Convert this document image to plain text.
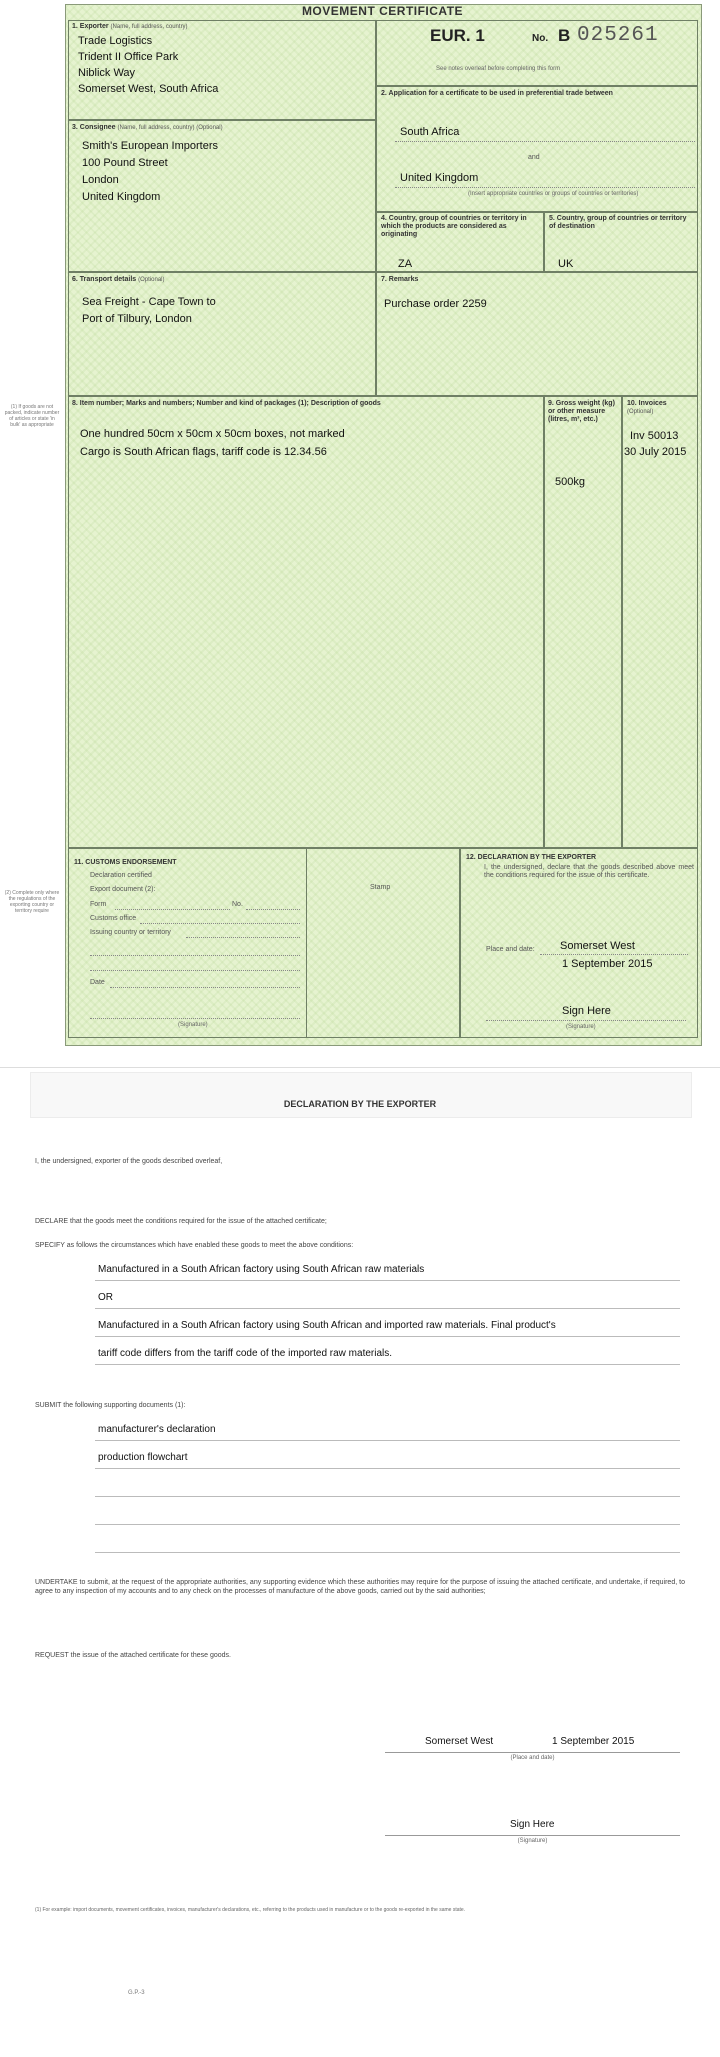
MOVEMENT CERTIFICATE
1. Exporter (Name, full address, country)
Trade Logistics
Trident II Office Park
Niblick Way
Somerset West, South Africa
EUR. 1	No. B 025261
See notes overleaf before completing this form
2. Application for a certificate to be used in preferential trade between
South Africa
and
United Kingdom
(Insert appropriate countries or groups of countries or territories)
3. Consignee (Name, full address, country) (Optional)
Smith's European Importers
100 Pound Street
London
United Kingdom
4. Country, group of countries or territory in which the products are considered as originating
ZA
5. Country, group of countries or territory of destination
UK
6. Transport details (Optional)
Sea Freight - Cape Town to
Port of Tilbury, London
7. Remarks
Purchase order 2259
8. Item number; Marks and numbers; Number and kind of packages (1); Description of goods
One hundred 50cm x 50cm x 50cm boxes, not marked
Cargo is South African flags, tariff code is 12.34.56
9. Gross weight (kg) or other measure (litres, m³, etc.)
500kg
10. Invoices
(Optional)
Inv 50013
30 July 2015
(1) If goods are not packed, indicate number of articles or state 'in bulk' as appropriate
(2) Complete only where the regulations of the exporting country or territory require
11. CUSTOMS ENDORSEMENT
Declaration certified
Export document (2):
Form	No.
Customs office
Issuing country or territory
Date
(Signature)
Stamp
12. DECLARATION BY THE EXPORTER
I, the undersigned, declare that the goods described above meet the conditions required for the issue of this certificate.
Place and date: Somerset West
1 September 2015
Sign Here
(Signature)
DECLARATION BY THE EXPORTER
I, the undersigned, exporter of the goods described overleaf,
DECLARE that the goods meet the conditions required for the issue of the attached certificate;
SPECIFY as follows the circumstances which have enabled these goods to meet the above conditions:
Manufactured in a South African factory using South African raw materials
OR
Manufactured in a South African factory using South African and imported raw materials. Final product's
tariff code differs from the tariff code of the imported raw materials.
SUBMIT the following supporting documents (1):
manufacturer's declaration
production flowchart
UNDERTAKE to submit, at the request of the appropriate authorities, any supporting evidence which these authorities may require for the purpose of issuing the attached certificate, and undertake, if required, to agree to any inspection of my accounts and to any check on the processes of manufacture of the above goods, carried out by the said authorities;
REQUEST the issue of the attached certificate for these goods.
Somerset West	1 September 2015
(Place and date)
Sign Here
(Signature)
(1) For example: import documents, movement certificates, invoices, manufacturer's declarations, etc., referring to the products used in manufacture or to the goods re-exported in the same state.
G.P.-3
